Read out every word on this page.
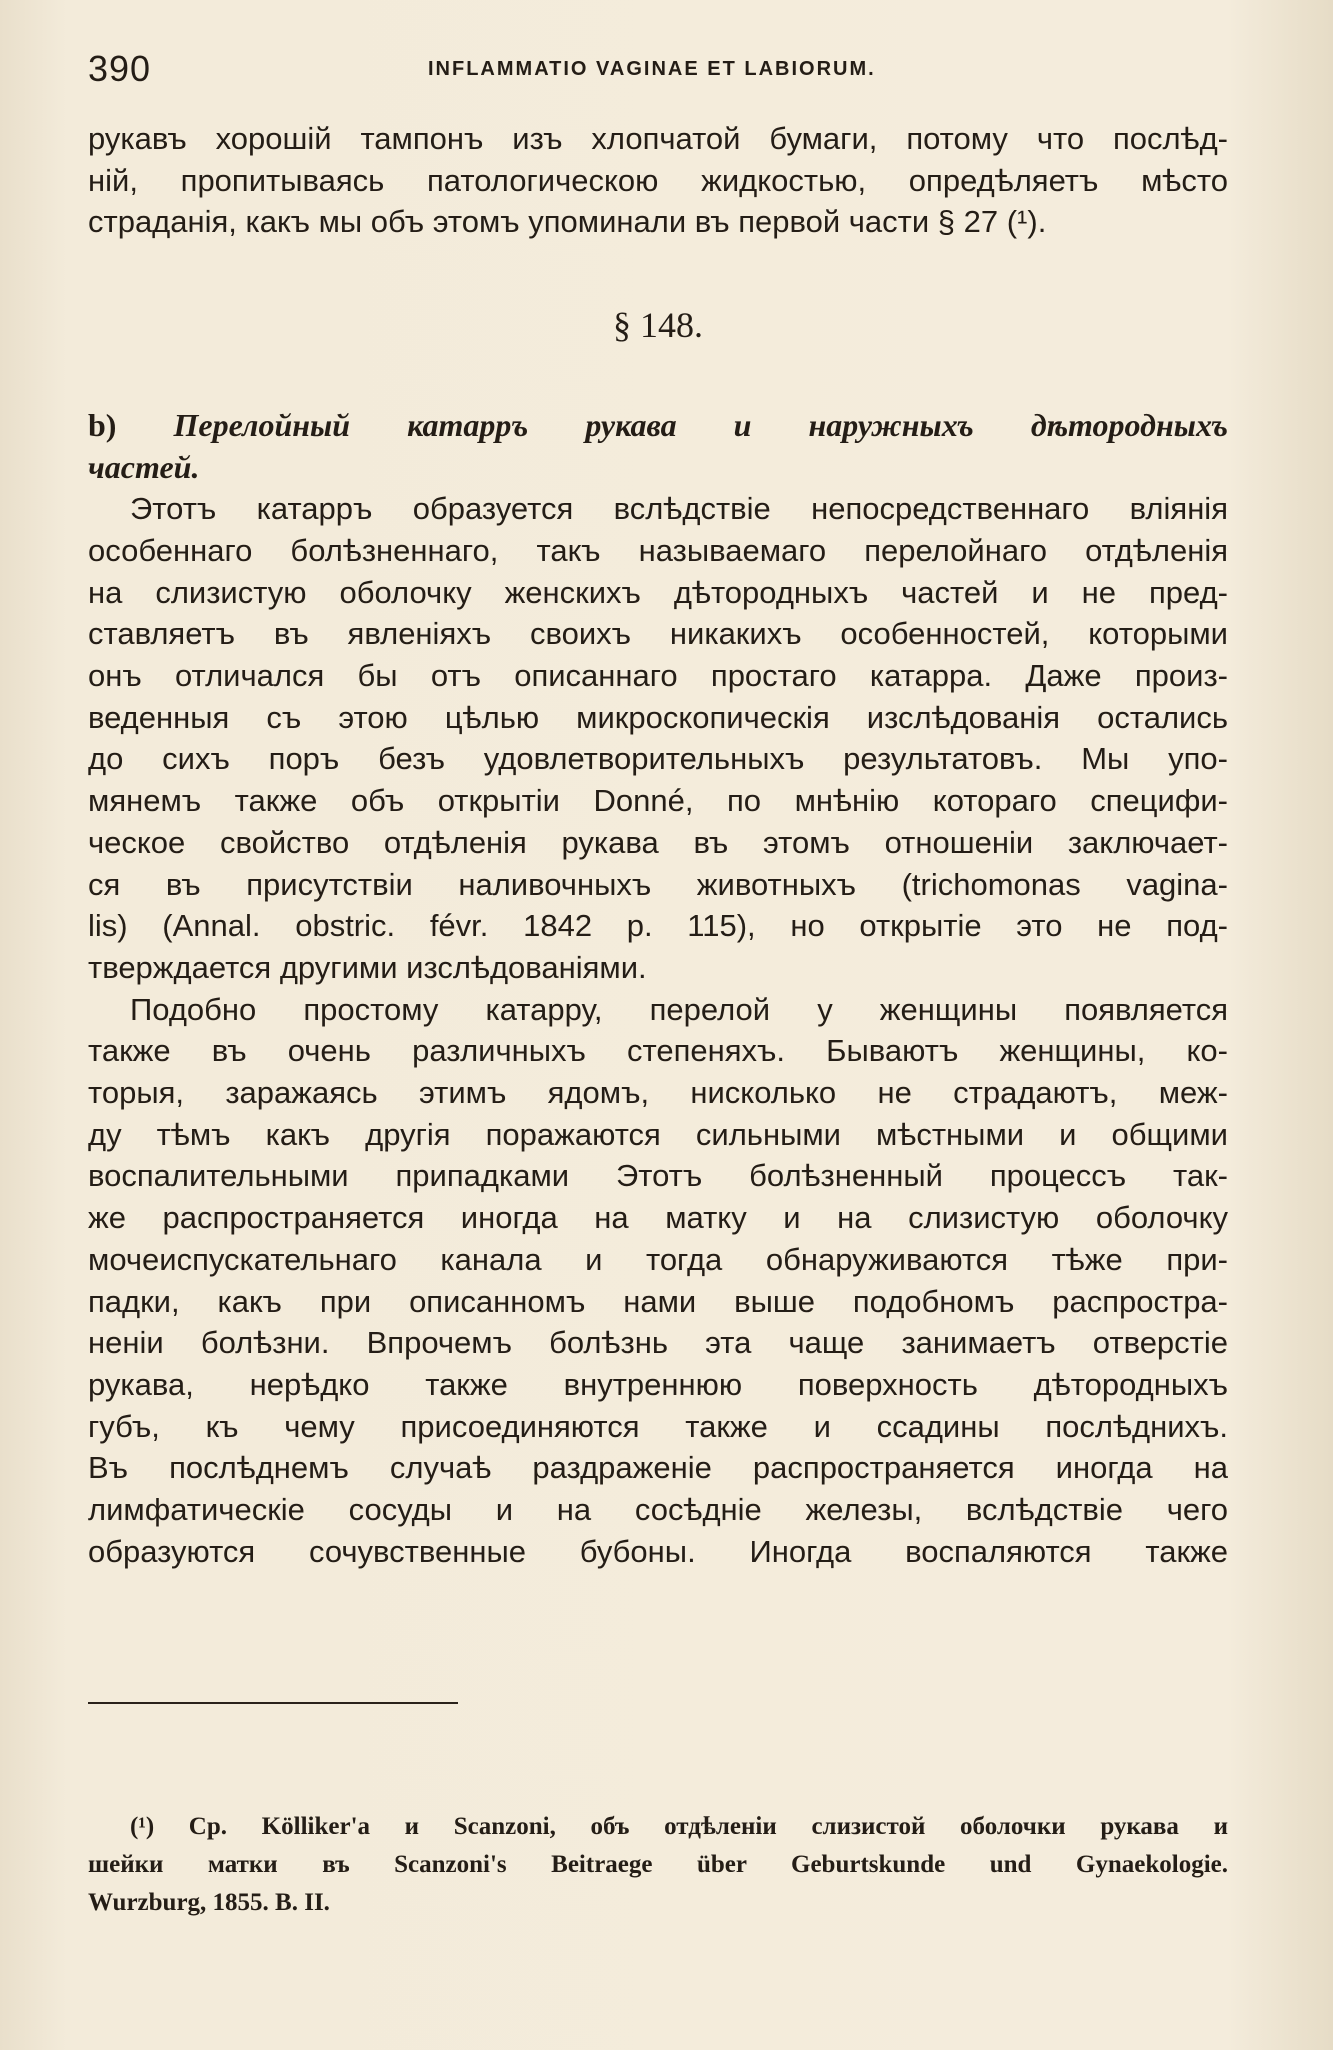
390	INFLAMMATIO VAGINAE ET LABIORUM.
рукавъ хорошій тампонъ изъ хлопчатой бумаги, потому что послѣд-
ній, пропитываясь патологическою жидкостью, опредѣляетъ мѣсто
страданія, какъ мы объ этомъ упоминали въ первой части § 27 (¹).
§ 148.
b) Перелойный катарръ рукава и наружныхъ дѣтородныхъ
частей.
Этотъ катарръ образуется вслѣдствіе непосредственнаго вліянія
особеннаго болѣзненнаго, такъ называемаго перелойнаго отдѣленія
на слизистую оболочку женскихъ дѣтородныхъ частей и не пред-
ставляетъ въ явленіяхъ своихъ никакихъ особенностей, которыми
онъ отличался бы отъ описаннаго простаго катарра. Даже произ-
веденныя съ этою цѣлью микроскопическія изслѣдованія остались
до сихъ поръ безъ удовлетворительныхъ результатовъ. Мы упо-
мянемъ также объ открытіи Donné, по мнѣнію котораго специфи-
ческое свойство отдѣленія рукава въ этомъ отношеніи заключает-
ся въ присутствіи наливочныхъ животныхъ (trichomonas vagina-
lis) (Annal. obstric. févr. 1842 p. 115), но открытіе это не под-
тверждается другими изслѣдованіями.
Подобно простому катарру, перелой у женщины появляется
также въ очень различныхъ степеняхъ. Бываютъ женщины, ко-
торыя, заражаясь этимъ ядомъ, нисколько не страдаютъ, меж-
ду тѣмъ какъ другія поражаются сильными мѣстными и общими
воспалительными припадками Этотъ болѣзненный процессъ так-
же распространяется иногда на матку и на слизистую оболочку
мочеиспускательнаго канала и тогда обнаруживаются тѣже при-
падки, какъ при описанномъ нами выше подобномъ распростра-
неніи болѣзни. Впрочемъ болѣзнь эта чаще занимаетъ отверстіе
рукава, нерѣдко также внутреннюю поверхность дѣтородныхъ
губъ, къ чему присоединяются также и ссадины послѣднихъ.
Въ послѣднемъ случаѣ раздраженіе распространяется иногда на
лимфатическіе сосуды и на сосѣдніе железы, вслѣдствіе чего
образуются сочувственные бубоны. Иногда воспаляются также
(¹) Cp. Kölliker'a и Scanzoni, объ отдѣленіи слизистой оболочки рукава и
шейки матки въ Scanzoni's Beitraege über Geburtskunde und Gynaekologie.
Wurzburg, 1855. B. II.
